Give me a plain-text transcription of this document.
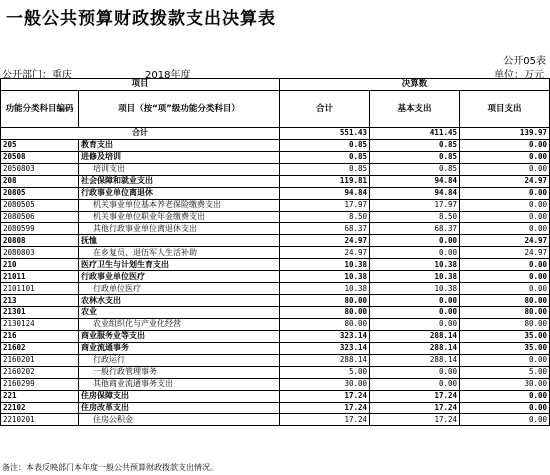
一般公共预算财政拨款支出决算表
公开05表
公开部门：重庆	2018年度	单位：万元
项目		决算数		
功能分类科目编码	项目（按“项”级功能分类科目）	合计	基本支出	项目支出
合计		551.43	411.45	139.97
205	教育支出	0.85	0.85	0.00
20508	进修及培训	0.85	0.85	0.00
2050803	培训支出	0.85	0.85	0.00
208	社会保障和就业支出	119.81	94.84	24.97
20805	行政事业单位离退休	94.84	94.84	0.00
2080505	机关事业单位基本养老保险缴费支出	17.97	17.97	0.00
2080506	机关事业单位职业年金缴费支出	8.50	8.50	0.00
2080599	其他行政事业单位离退休支出	68.37	68.37	0.00
20808	抚恤	24.97	0.00	24.97
2080803	在乡复员、退伍军人生活补助	24.97	0.00	24.97
210	医疗卫生与计划生育支出	10.38	10.38	0.00
21011	行政事业单位医疗	10.38	10.38	0.00
2101101	行政单位医疗	10.38	10.38	0.00
213	农林水支出	80.00	0.00	80.00
21301	农业	80.00	0.00	80.00
2130124	农业组织化与产业化经营	80.00	0.00	80.00
216	商业服务业等支出	323.14	288.14	35.00
21602	商业流通事务	323.14	288.14	35.00
2160201	行政运行	288.14	288.14	0.00
2160202	一般行政管理事务	5.00	0.00	5.00
2160299	其他商业流通事务支出	30.00	0.00	30.00
221	住房保障支出	17.24	17.24	0.00
22102	住房改革支出	17.24	17.24	0.00
2210201	住房公积金	17.24	17.24	0.00
备注：本表反映部门本年度一般公共预算财政拨款支出情况。
